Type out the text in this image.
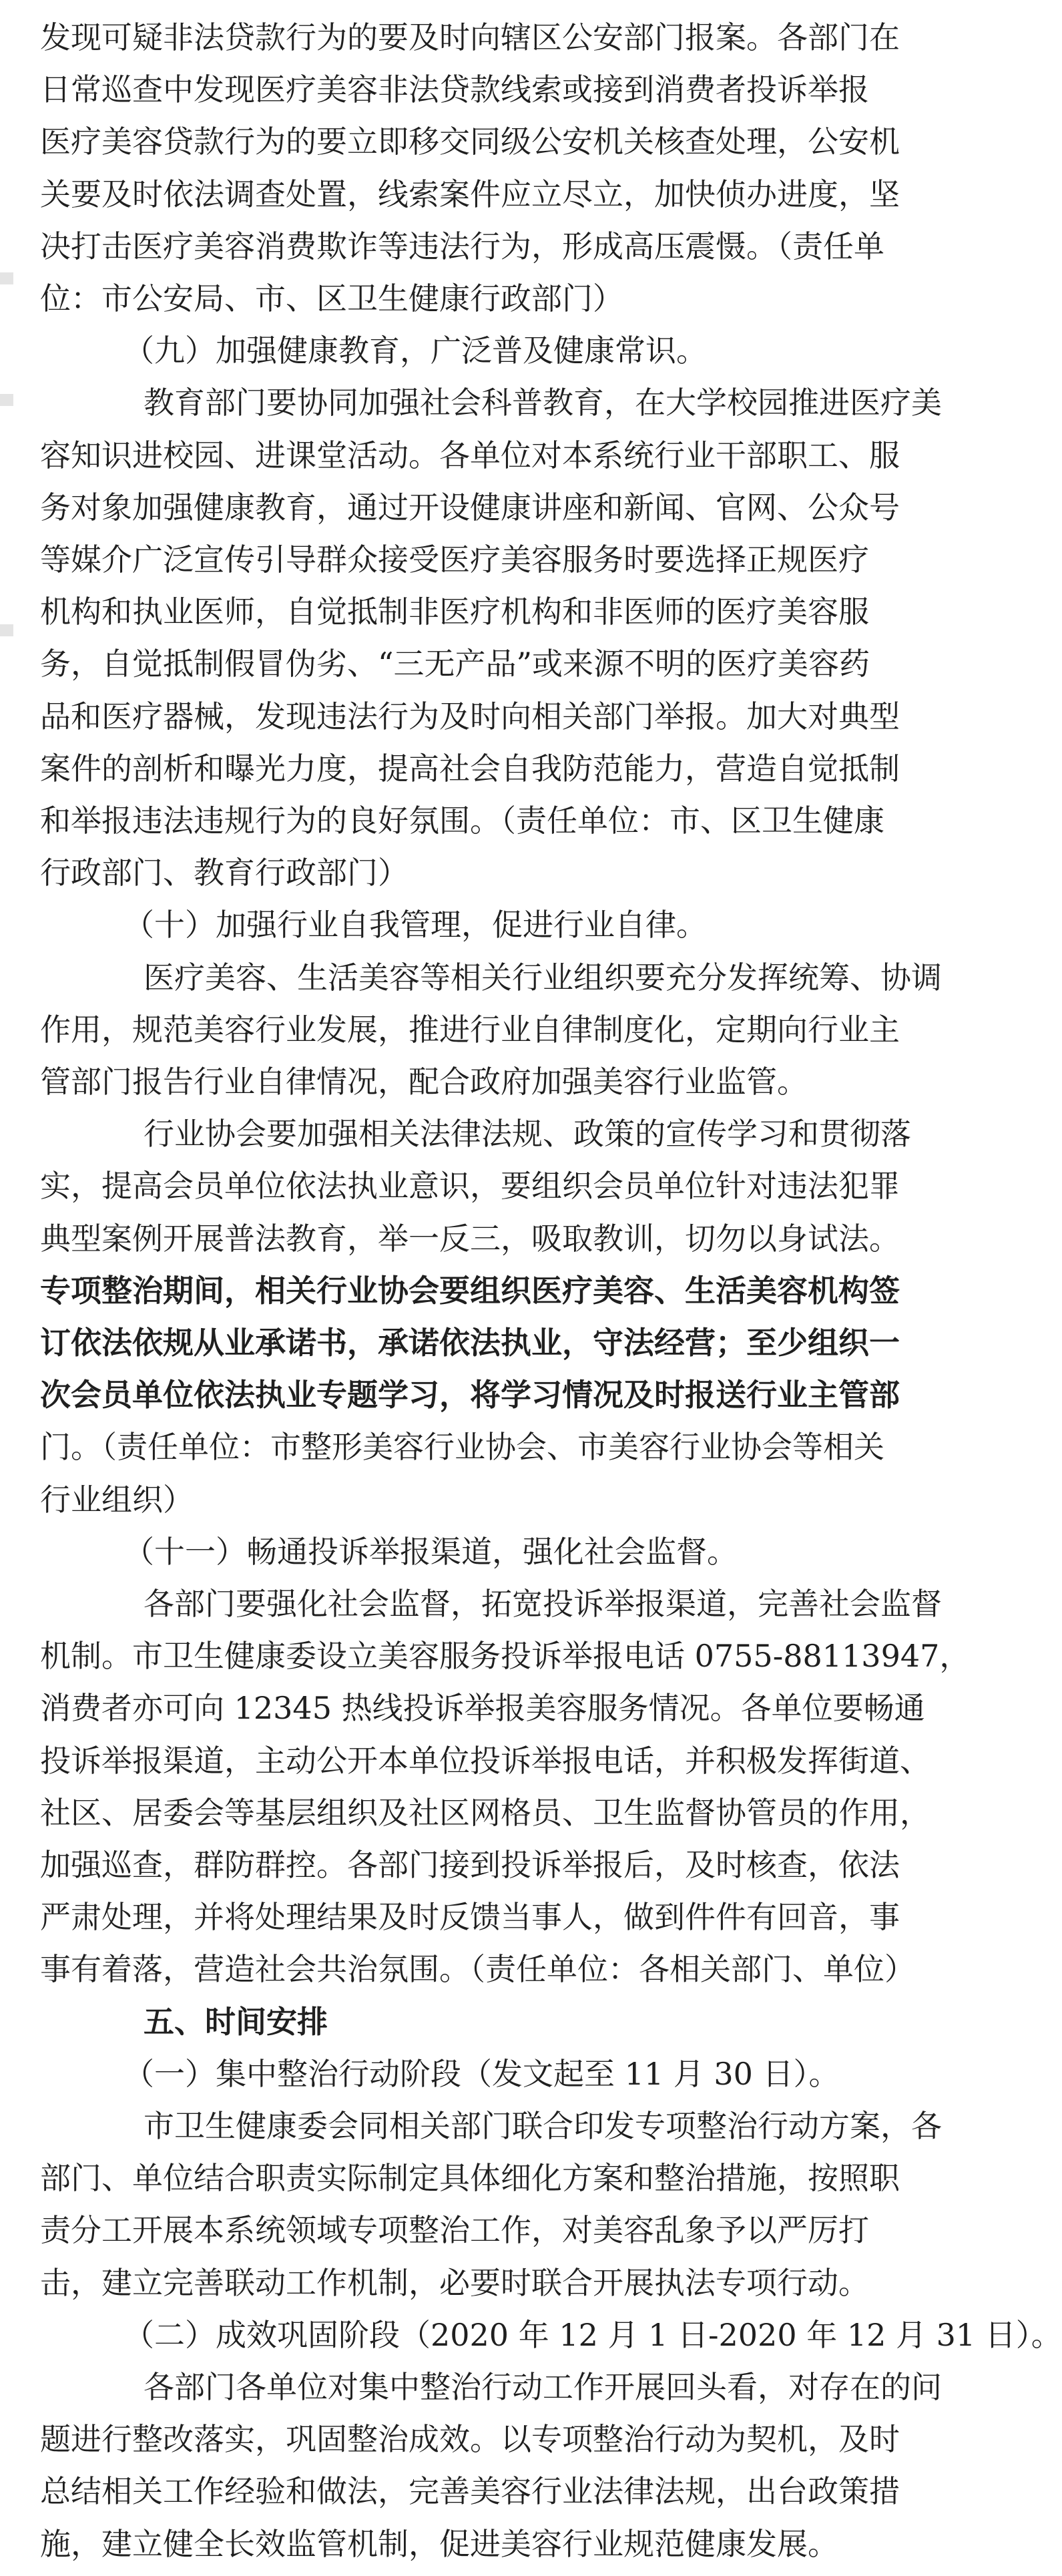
发现可疑非法贷款行为的要及时向辖区公安部门报案。各部门在
日常巡查中发现医疗美容非法贷款线索或接到消费者投诉举报
医疗美容贷款行为的要立即移交同级公安机关核查处理，公安机
关要及时依法调查处置，线索案件应立尽立，加快侦办进度，坚
决打击医疗美容消费欺诈等违法行为，形成高压震慑。（责任单
位：市公安局、市、区卫生健康行政部门）
（九）加强健康教育，广泛普及健康常识。
教育部门要协同加强社会科普教育，在大学校园推进医疗美
容知识进校园、进课堂活动。各单位对本系统行业干部职工、服
务对象加强健康教育，通过开设健康讲座和新闻、官网、公众号
等媒介广泛宣传引导群众接受医疗美容服务时要选择正规医疗
机构和执业医师，自觉抵制非医疗机构和非医师的医疗美容服
务，自觉抵制假冒伪劣、“三无产品”或来源不明的医疗美容药
品和医疗器械，发现违法行为及时向相关部门举报。加大对典型
案件的剖析和曝光力度，提高社会自我防范能力，营造自觉抵制
和举报违法违规行为的良好氛围。（责任单位：市、区卫生健康
行政部门、教育行政部门）
（十）加强行业自我管理，促进行业自律。
医疗美容、生活美容等相关行业组织要充分发挥统筹、协调
作用，规范美容行业发展，推进行业自律制度化，定期向行业主
管部门报告行业自律情况，配合政府加强美容行业监管。
行业协会要加强相关法律法规、政策的宣传学习和贯彻落
实，提高会员单位依法执业意识，要组织会员单位针对违法犯罪
典型案例开展普法教育，举一反三，吸取教训，切勿以身试法。
专项整治期间，相关行业协会要组织医疗美容、生活美容机构签
订依法依规从业承诺书，承诺依法执业，守法经营；至少组织一
次会员单位依法执业专题学习，将学习情况及时报送行业主管部
门。（责任单位：市整形美容行业协会、市美容行业协会等相关
行业组织）
（十一）畅通投诉举报渠道，强化社会监督。
各部门要强化社会监督，拓宽投诉举报渠道，完善社会监督
机制。市卫生健康委设立美容服务投诉举报电话 0755-88113947，
消费者亦可向 12345 热线投诉举报美容服务情况。各单位要畅通
投诉举报渠道，主动公开本单位投诉举报电话，并积极发挥街道、
社区、居委会等基层组织及社区网格员、卫生监督协管员的作用，
加强巡查，群防群控。各部门接到投诉举报后，及时核查，依法
严肃处理，并将处理结果及时反馈当事人，做到件件有回音，事
事有着落，营造社会共治氛围。（责任单位：各相关部门、单位）
五、时间安排
（一）集中整治行动阶段（发文起至 11 月 30 日）。
市卫生健康委会同相关部门联合印发专项整治行动方案，各
部门、单位结合职责实际制定具体细化方案和整治措施，按照职
责分工开展本系统领域专项整治工作，对美容乱象予以严厉打
击，建立完善联动工作机制，必要时联合开展执法专项行动。
（二）成效巩固阶段（2020 年 12 月 1 日-2020 年 12 月 31 日）。
各部门各单位对集中整治行动工作开展回头看，对存在的问
题进行整改落实，巩固整治成效。以专项整治行动为契机，及时
总结相关工作经验和做法，完善美容行业法律法规，出台政策措
施，建立健全长效监管机制，促进美容行业规范健康发展。
